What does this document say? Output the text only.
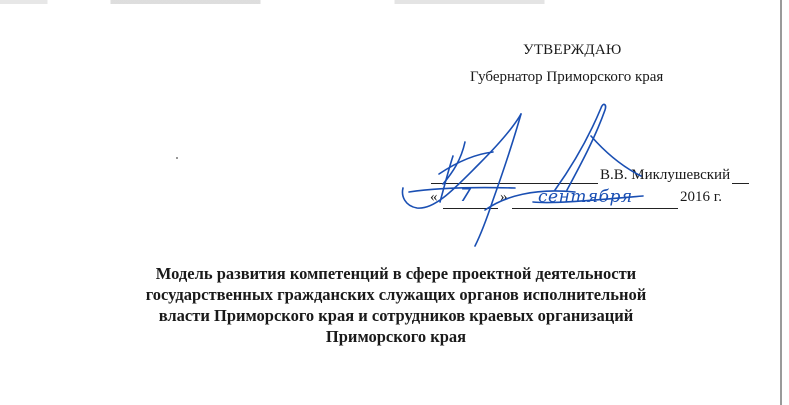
УТВЕРЖДАЮ
Губернатор Приморского края
В.В. Миклушевский
« 7 » сентября	2016 г.
Модель развития компетенций в сфере проектной деятельности
государственных гражданских служащих органов исполнительной
власти Приморского края и сотрудников краевых организаций
Приморского края
